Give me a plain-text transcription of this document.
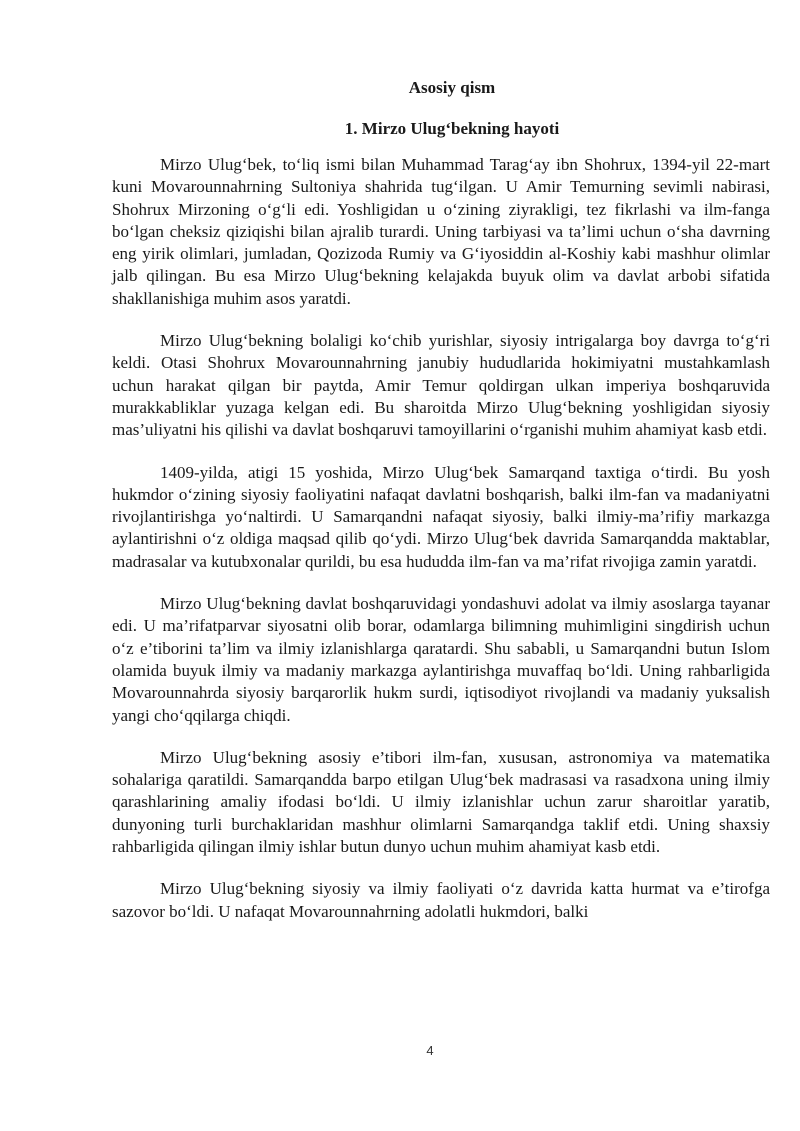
Asosiy qism
1. Mirzo Ulug‘bekning hayoti

Mirzo Ulug‘bek, to‘liq ismi bilan Muhammad Tarag‘ay ibn Shohrux, 1394-yil 22-mart kuni Movarounnahrning Sultoniya shahrida tug‘ilgan. U Amir Temurning sevimli nabirasi, Shohrux Mirzoning o‘g‘li edi. Yoshligidan u o‘zining ziyrakligi, tez fikrlashi va ilm-fanga bo‘lgan cheksiz qiziqishi bilan ajralib turardi. Uning tarbiyasi va ta’limi uchun o‘sha davrning eng yirik olimlari, jumladan, Qozizoda Rumiy va G‘iyosiddin al-Koshiy kabi mashhur olimlar jalb qilingan. Bu esa Mirzo Ulug‘bekning kelajakda buyuk olim va davlat arbobi sifatida shakllanishiga muhim asos yaratdi.

Mirzo Ulug‘bekning bolaligi ko‘chib yurishlar, siyosiy intrigalarga boy davrga to‘g‘ri keldi. Otasi Shohrux Movarounnahrning janubiy hududlarida hokimiyatni mustahkamlash uchun harakat qilgan bir paytda, Amir Temur qoldirgan ulkan imperiya boshqaruvida murakkabliklar yuzaga kelgan edi. Bu sharoitda Mirzo Ulug‘bekning yoshligidan siyosiy mas’uliyatni his qilishi va davlat boshqaruvi tamoyillarini o‘rganishi muhim ahamiyat kasb etdi.

1409-yilda, atigi 15 yoshida, Mirzo Ulug‘bek Samarqand taxtiga o‘tirdi. Bu yosh hukmdor o‘zining siyosiy faoliyatini nafaqat davlatni boshqarish, balki ilm-fan va madaniyatni rivojlantirishga yo‘naltirdi. U Samarqandni nafaqat siyosiy, balki ilmiy-ma’rifiy markazga aylantirishni o‘z oldiga maqsad qilib qo‘ydi. Mirzo Ulug‘bek davrida Samarqandda maktablar, madrasalar va kutubxonalar qurildi, bu esa hududda ilm-fan va ma’rifat rivojiga zamin yaratdi.

Mirzo Ulug‘bekning davlat boshqaruvidagi yondashuvi adolat va ilmiy asoslarga tayanar edi. U ma’rifatparvar siyosatni olib borar, odamlarga bilimning muhimligini singdirish uchun o‘z e’tiborini ta’lim va ilmiy izlanishlarga qaratardi. Shu sababli, u Samarqandni butun Islom olamida buyuk ilmiy va madaniy markazga aylantirishga muvaffaq bo‘ldi. Uning rahbarligida Movarounnahrda siyosiy barqarorlik hukm surdi, iqtisodiyot rivojlandi va madaniy yuksalish yangi cho‘qqilarga chiqdi.

Mirzo Ulug‘bekning asosiy e’tibori ilm-fan, xususan, astronomiya va matematika sohalariga qaratildi. Samarqandda barpo etilgan Ulug‘bek madrasasi va rasadxona uning ilmiy qarashlarining amaliy ifodasi bo‘ldi. U ilmiy izlanishlar uchun zarur sharoitlar yaratib, dunyoning turli burchaklaridan mashhur olimlarni Samarqandga taklif etdi. Uning shaxsiy rahbarligida qilingan ilmiy ishlar butun dunyo uchun muhim ahamiyat kasb etdi.

Mirzo Ulug‘bekning siyosiy va ilmiy faoliyati o‘z davrida katta hurmat va e’tirofga sazovor bo‘ldi. U nafaqat Movarounnahrning adolatli hukmdori, balki

4
